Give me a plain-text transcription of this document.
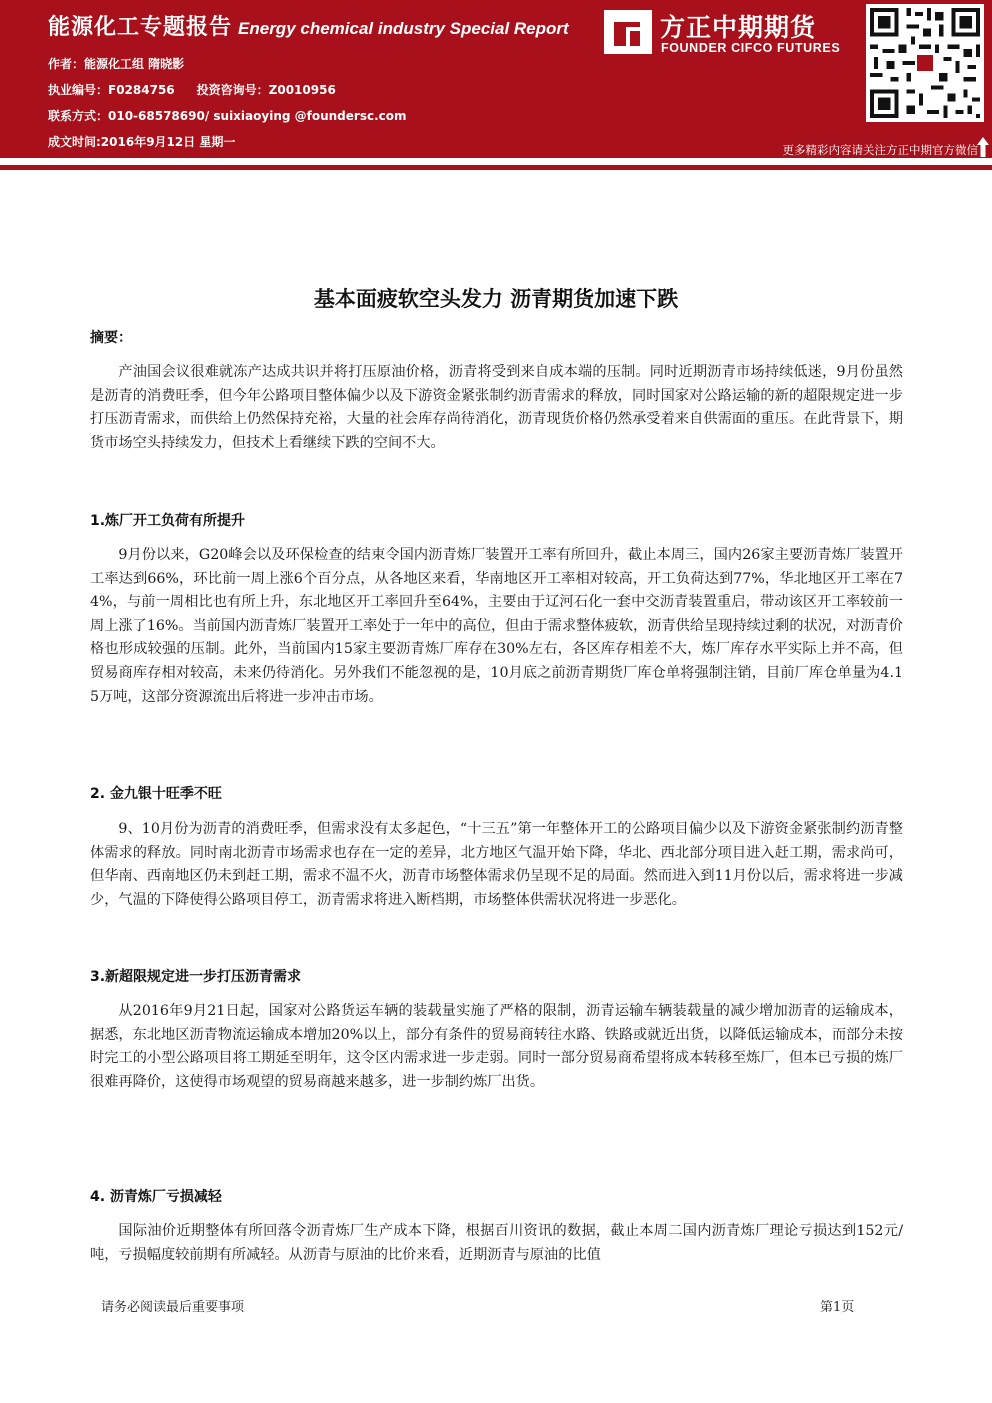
能源化工专题报告 Energy chemical industry Special Report
作者：能源化工组 隋晓影
执业编号：F0284756 投资咨询号：Z0010956
联系方式：010-68578690/ suixiaoying @foundersc.com
成文时间:2016年9月12日 星期一
方正中期期货
FOUNDER CIFCO FUTURES
更多精彩内容请关注方正中期官方微信
基本面疲软空头发力 沥青期货加速下跌
摘要：

产油国会议很难就冻产达成共识并将打压原油价格，沥青将受到来自成本端的压制。同时近期沥青市场持续低迷，9月份虽然是沥青的消费旺季，但今年公路项目整体偏少以及下游资金紧张制约沥青需求的释放，同时国家对公路运输的新的超限规定进一步打压沥青需求，而供给上仍然保持充裕，大量的社会库存尚待消化，沥青现货价格仍然承受着来自供需面的重压。在此背景下，期货市场空头持续发力，但技术上看继续下跌的空间不大。

1.炼厂开工负荷有所提升

9月份以来，G20峰会以及环保检查的结束令国内沥青炼厂装置开工率有所回升，截止本周三，国内26家主要沥青炼厂装置开工率达到66%，环比前一周上涨6个百分点，从各地区来看，华南地区开工率相对较高，开工负荷达到77%，华北地区开工率在74%，与前一周相比也有所上升，东北地区开工率回升至64%，主要由于辽河石化一套中交沥青装置重启，带动该区开工率较前一周上涨了16%。当前国内沥青炼厂装置开工率处于一年中的高位，但由于需求整体疲软，沥青供给呈现持续过剩的状况，对沥青价格也形成较强的压制。此外，当前国内15家主要沥青炼厂库存在30%左右，各区库存相差不大，炼厂库存水平实际上并不高，但贸易商库存相对较高，未来仍待消化。另外我们不能忽视的是，10月底之前沥青期货厂库仓单将强制注销，目前厂库仓单量为4.15万吨，这部分资源流出后将进一步冲击市场。

2. 金九银十旺季不旺

9、10月份为沥青的消费旺季，但需求没有太多起色，“十三五”第一年整体开工的公路项目偏少以及下游资金紧张制约沥青整体需求的释放。同时南北沥青市场需求也存在一定的差异，北方地区气温开始下降，华北、西北部分项目进入赶工期，需求尚可，但华南、西南地区仍未到赶工期，需求不温不火，沥青市场整体需求仍呈现不足的局面。然而进入到11月份以后，需求将进一步减少，气温的下降使得公路项目停工，沥青需求将进入断档期，市场整体供需状况将进一步恶化。

3.新超限规定进一步打压沥青需求

从2016年9月21日起，国家对公路货运车辆的装载量实施了严格的限制，沥青运输车辆装载量的减少增加沥青的运输成本，据悉，东北地区沥青物流运输成本增加20%以上，部分有条件的贸易商转往水路、铁路或就近出货，以降低运输成本，而部分未按时完工的小型公路项目将工期延至明年，这令区内需求进一步走弱。同时一部分贸易商希望将成本转移至炼厂，但本已亏损的炼厂很难再降价，这使得市场观望的贸易商越来越多，进一步制约炼厂出货。

4. 沥青炼厂亏损减轻

国际油价近期整体有所回落令沥青炼厂生产成本下降，根据百川资讯的数据，截止本周二国内沥青炼厂理论亏损达到152元/吨，亏损幅度较前期有所减轻。从沥青与原油的比价来看，近期沥青与原油的比值

请务必阅读最后重要事项	第1页
